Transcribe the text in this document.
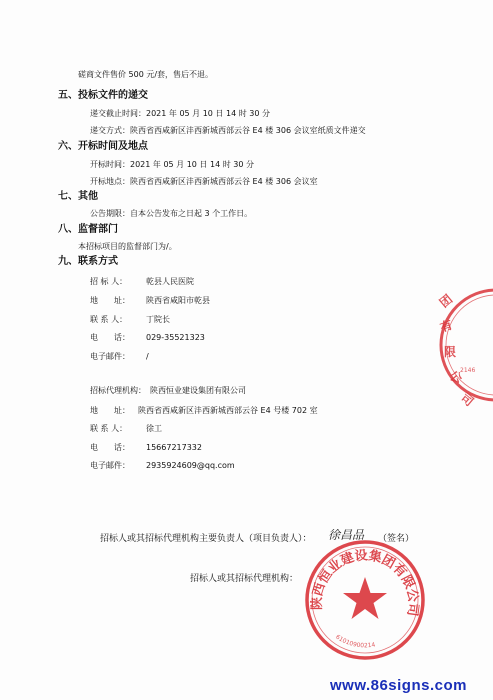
磋商文件售价 500 元/套，售后不退。
五、投标文件的递交
递交截止时间：2021 年 05 月 10 日 14 时 30 分
递交方式：陕西省西咸新区沣西新城西部云谷 E4 楼 306 会议室纸质文件递交
六、开标时间及地点
开标时间：2021 年 05 月 10 日 14 时 30 分
开标地点：陕西省西咸新区沣西新城西部云谷 E4 楼 306 会议室
七、其他
公告期限：自本公告发布之日起 3 个工作日。
八、监督部门
本招标项目的监督部门为/。
九、联系方式
招 标 人： 乾县人民医院
地　　址： 陕西省咸阳市乾县
联 系 人： 丁院长
电　　话： 029-35521323
电子邮件： /
招标代理机构： 陕西恒业建设集团有限公司
地　　址： 陕西省西咸新区沣西新城西部云谷 E4 号楼 702 室
联 系 人： 徐工
电　　话： 15667217332
电子邮件： 2935924609@qq.com
招标人或其招标代理机构主要负责人（项目负责人）： 徐昌品 （签名）
招标人或其招标代理机构：
团
有
限
公
司
2146
陕西恒业建设集团有限公司
61010900214
www.86signs.com
